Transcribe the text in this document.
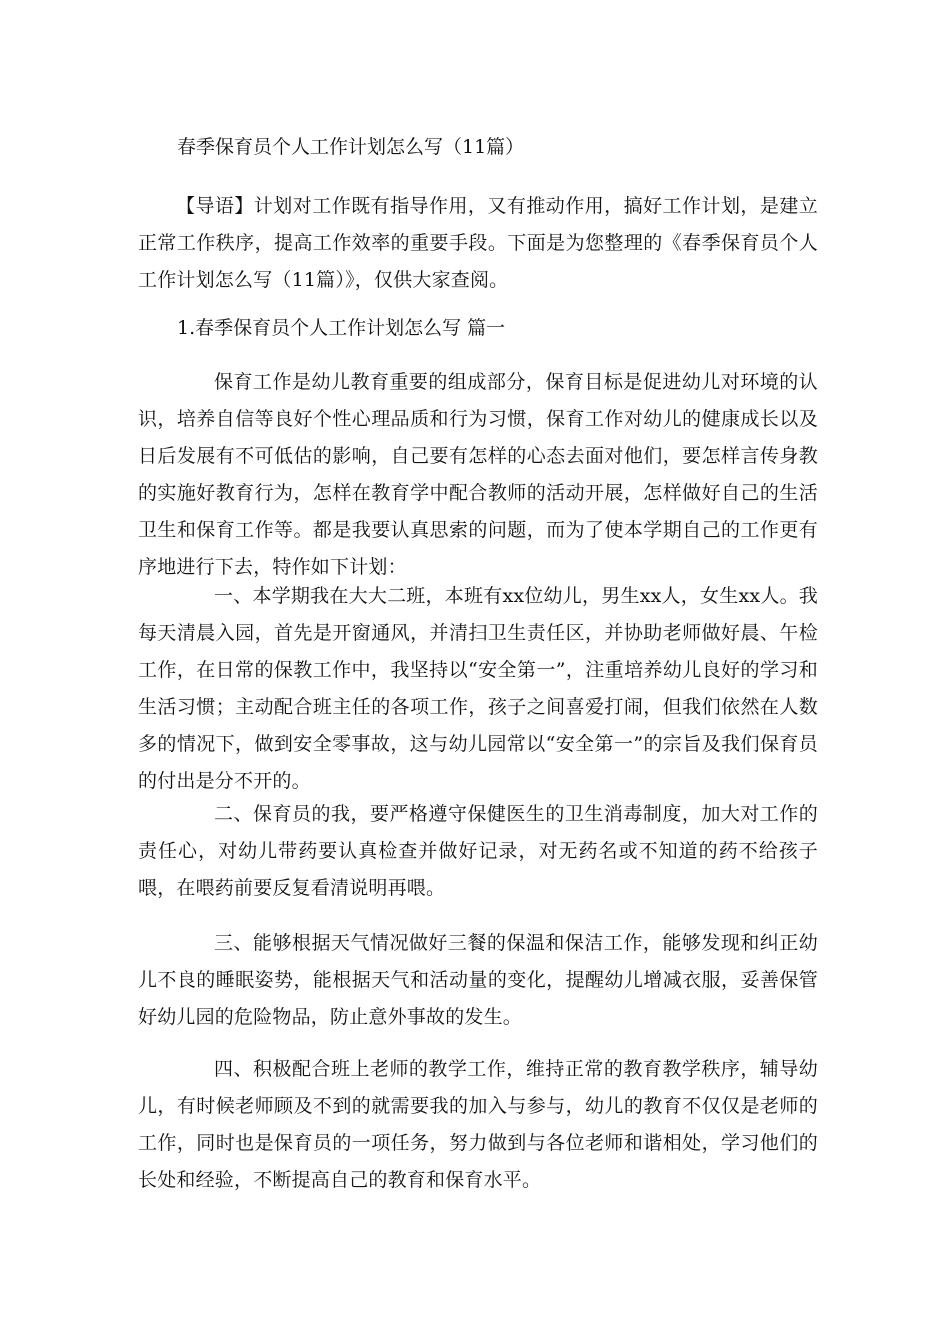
春季保育员个人工作计划怎么写（11篇）

【导语】计划对工作既有指导作用，又有推动作用，搞好工作计划，是建立正常工作秩序，提高工作效率的重要手段。下面是为您整理的《春季保育员个人工作计划怎么写（11篇）》，仅供大家查阅。

1.春季保育员个人工作计划怎么写 篇一

保育工作是幼儿教育重要的组成部分，保育目标是促进幼儿对环境的认识，培养自信等良好个性心理品质和行为习惯，保育工作对幼儿的健康成长以及日后发展有不可低估的影响，自己要有怎样的心态去面对他们，要怎样言传身教的实施好教育行为，怎样在教育学中配合教师的活动开展，怎样做好自己的生活卫生和保育工作等。都是我要认真思索的问题，而为了使本学期自己的工作更有序地进行下去，特作如下计划：

一、本学期我在大大二班，本班有xx位幼儿，男生xx人，女生xx人。我每天清晨入园，首先是开窗通风，并清扫卫生责任区，并协助老师做好晨、午检工作，在日常的保教工作中，我坚持以“安全第一”，注重培养幼儿良好的学习和生活习惯；主动配合班主任的各项工作，孩子之间喜爱打闹，但我们依然在人数多的情况下，做到安全零事故，这与幼儿园常以“安全第一”的宗旨及我们保育员的付出是分不开的。

二、保育员的我，要严格遵守保健医生的卫生消毒制度，加大对工作的责任心，对幼儿带药要认真检查并做好记录，对无药名或不知道的药不给孩子喂，在喂药前要反复看清说明再喂。

三、能够根据天气情况做好三餐的保温和保洁工作，能够发现和纠正幼儿不良的睡眠姿势，能根据天气和活动量的变化，提醒幼儿增减衣服，妥善保管好幼儿园的危险物品，防止意外事故的发生。

四、积极配合班上老师的教学工作，维持正常的教育教学秩序，辅导幼儿，有时候老师顾及不到的就需要我的加入与参与，幼儿的教育不仅仅是老师的工作，同时也是保育员的一项任务，努力做到与各位老师和谐相处，学习他们的长处和经验，不断提高自己的教育和保育水平。
